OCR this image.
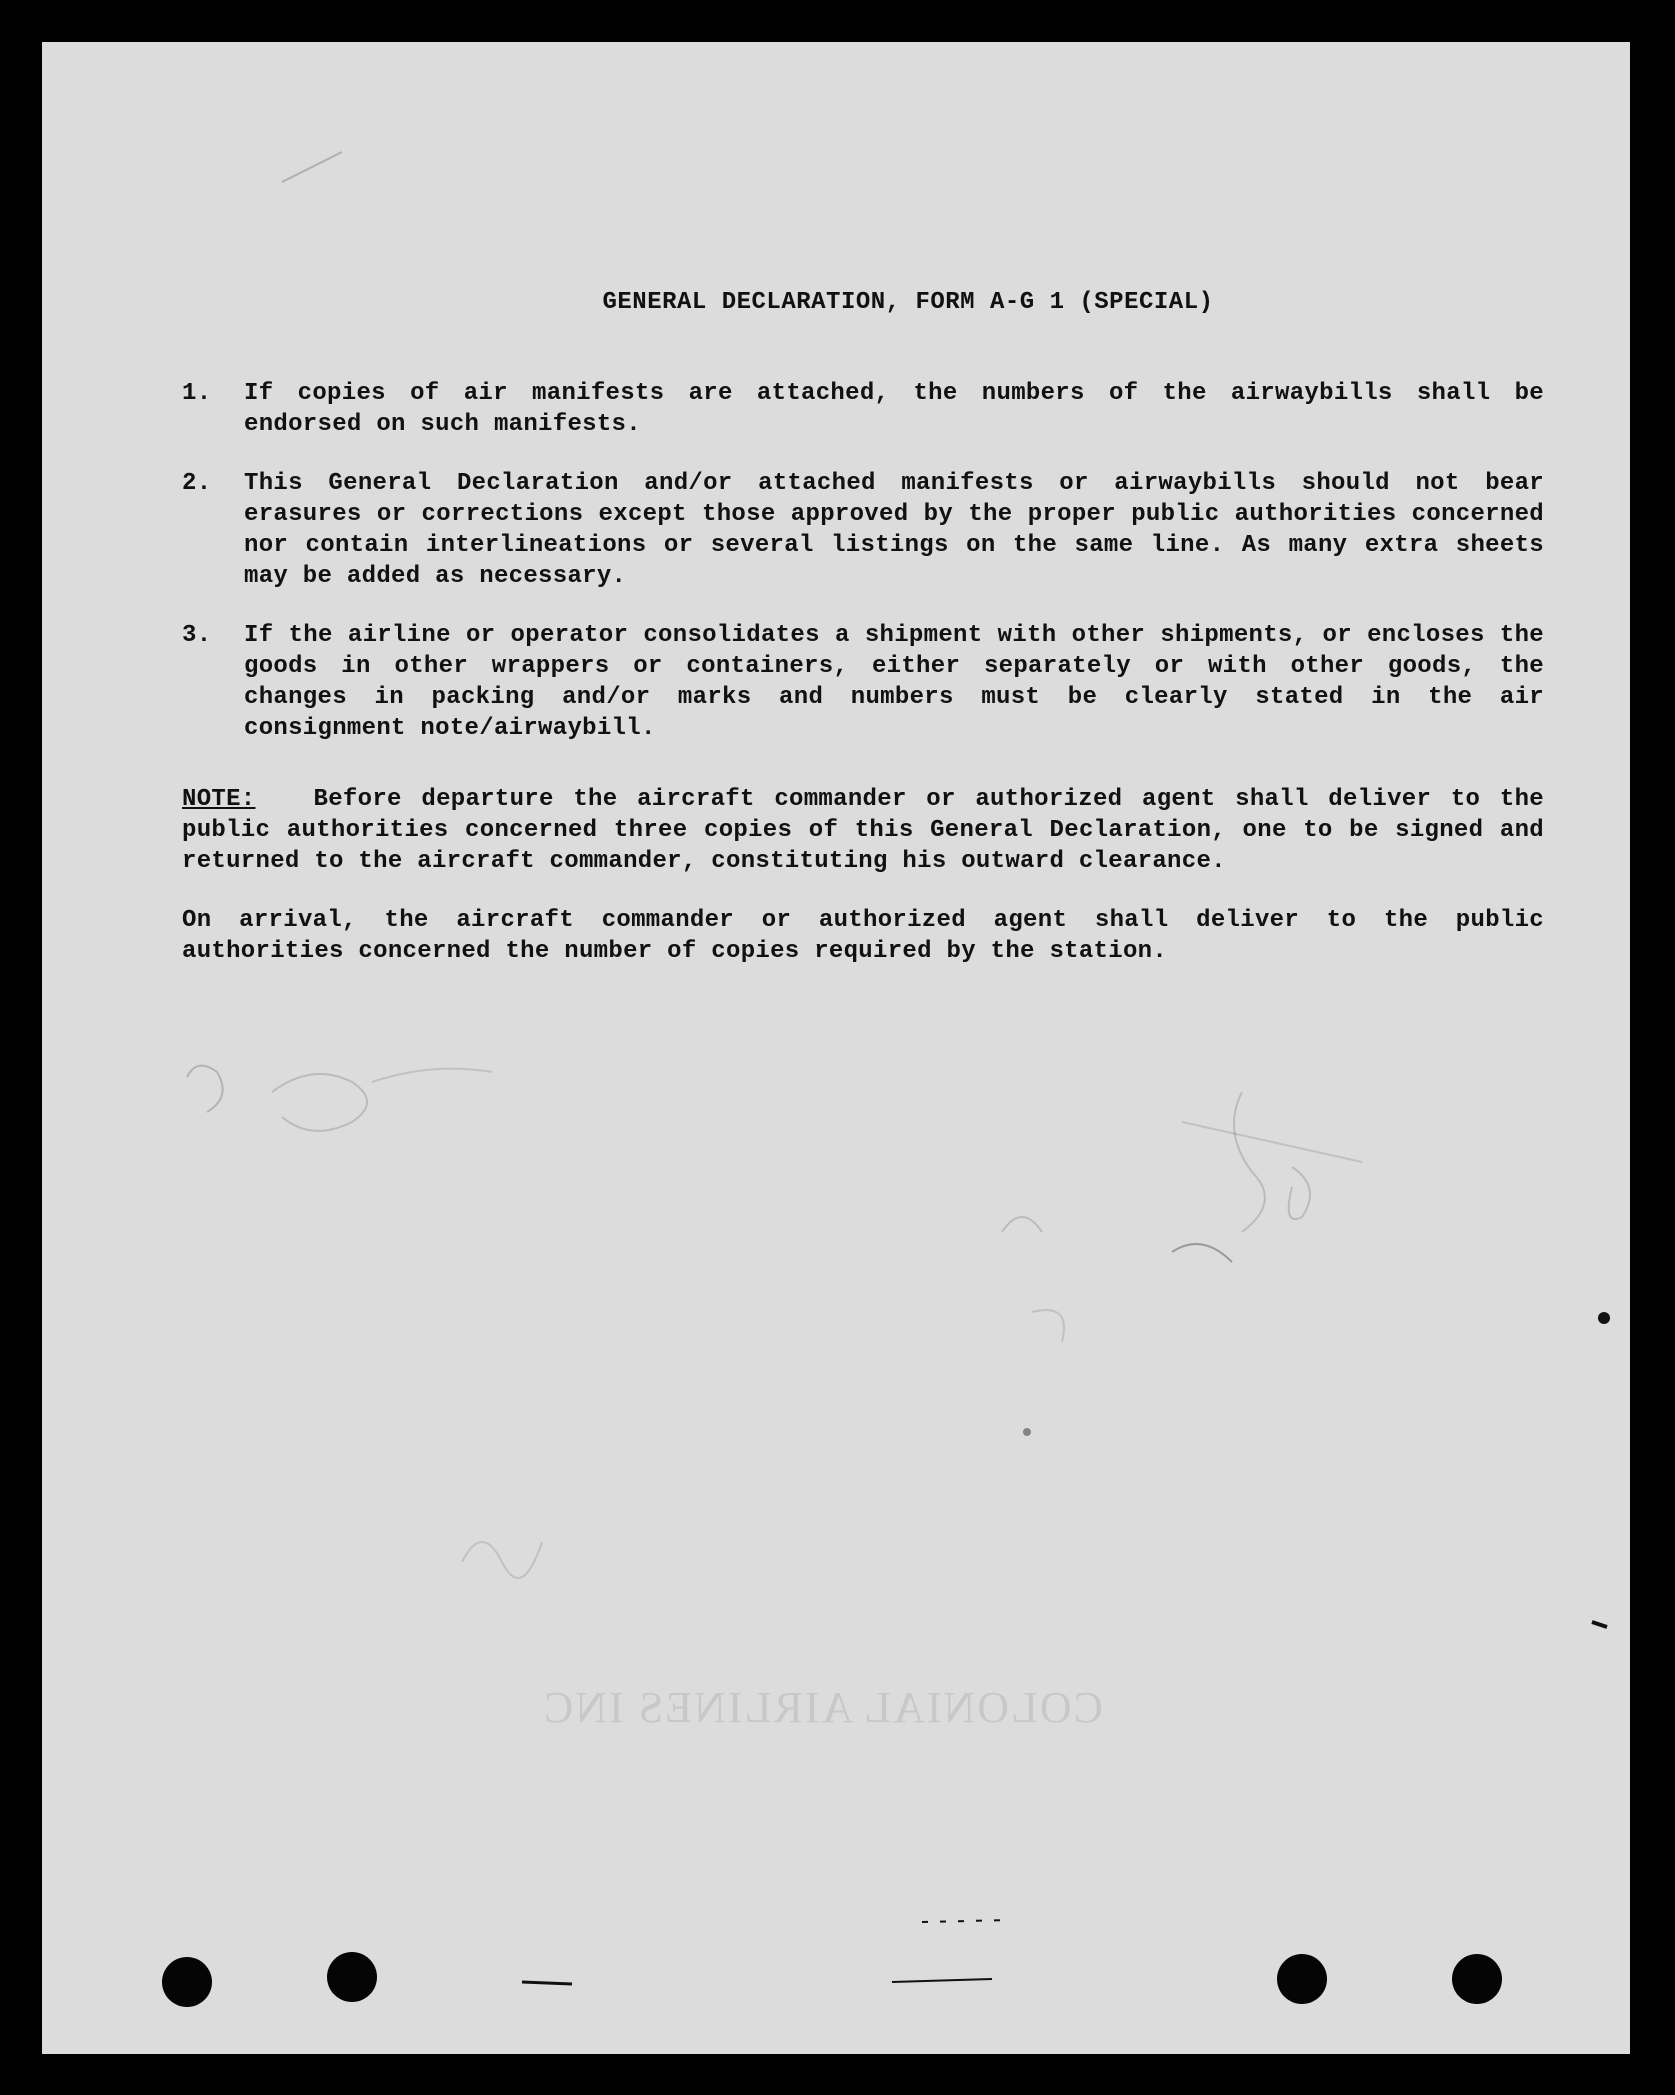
COLONIAL AIRLINES INC
GENERAL DECLARATION, FORM A-G 1 (SPECIAL)
1.	If copies of air manifests are attached, the numbers of the airwaybills shall be endorsed on such manifests.
2.	This General Declaration and/or attached manifests or airwaybills should not bear erasures or corrections except those approved by the proper public authorities concerned nor contain interlineations or several listings on the same line. As many extra sheets may be added as necessary.
3.	If the airline or operator consolidates a shipment with other shipments, or encloses the goods in other wrappers or containers, either separately or with other goods, the changes in packing and/or marks and numbers must be clearly stated in the air consignment note/airwaybill.
NOTE: Before departure the aircraft commander or authorized agent shall deliver to the public authorities concerned three copies of this General Declaration, one to be signed and returned to the aircraft commander, constituting his outward clearance.
On arrival, the aircraft commander or authorized agent shall deliver to the public authorities concerned the number of copies required by the station.
